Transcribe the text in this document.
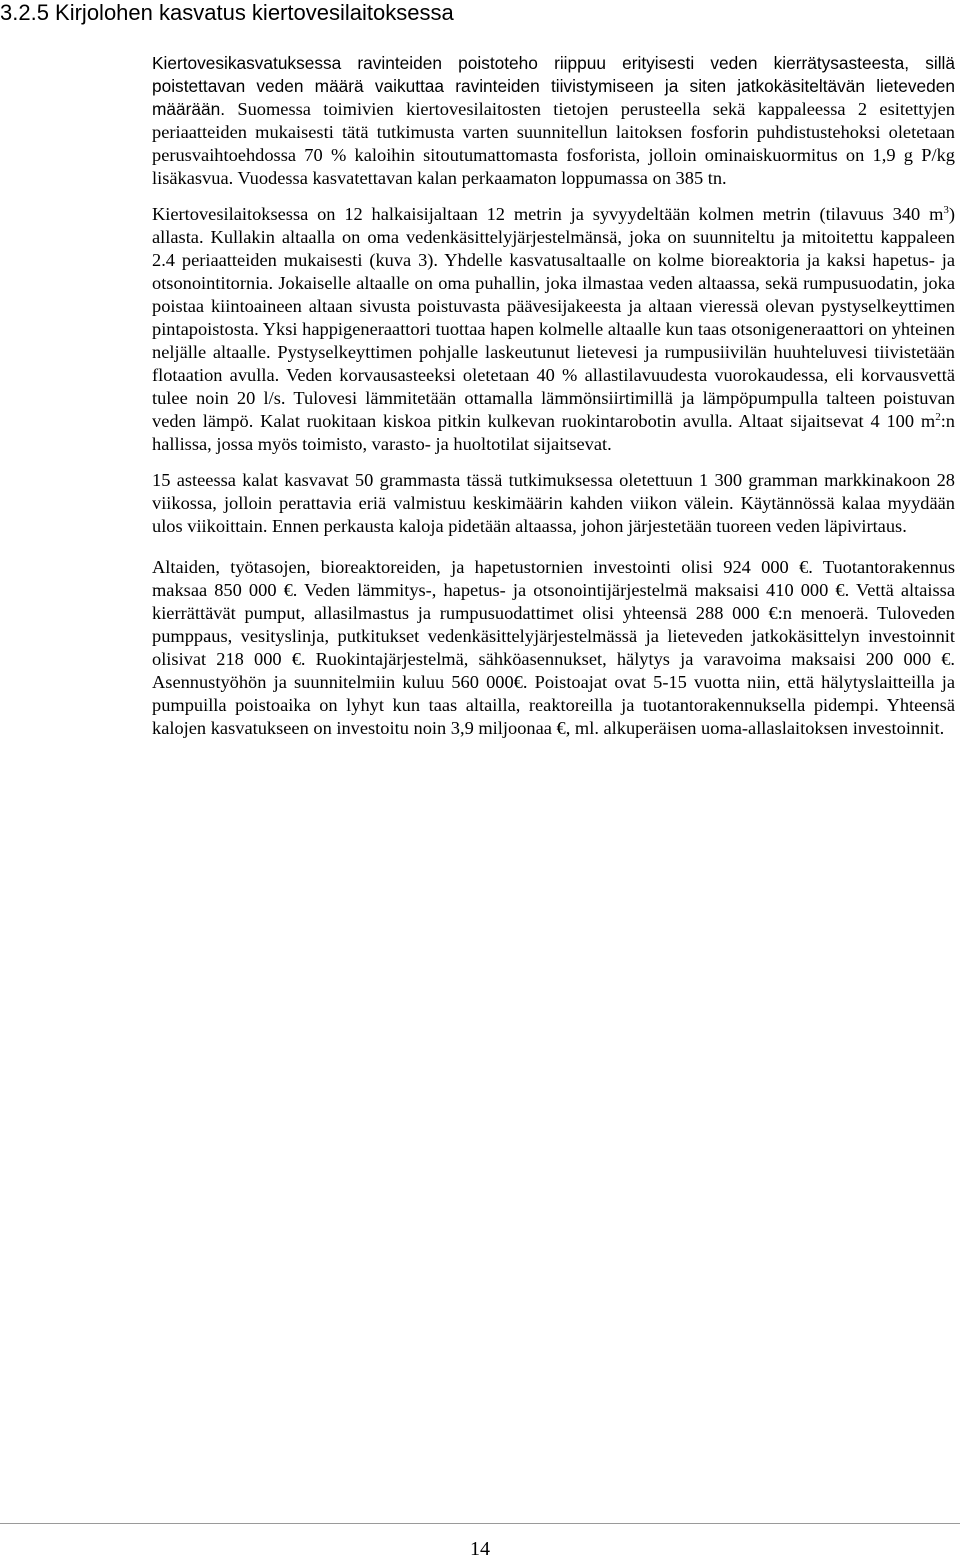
3.2.5 Kirjolohen kasvatus kiertovesilaitoksessa

Kiertovesikasvatuksessa ravinteiden poistoteho riippuu erityisesti veden kierrätysasteesta, sillä poistettavan veden määrä vaikuttaa ravinteiden tiivistymiseen ja siten jatkokäsiteltävän lieteveden määrään. Suomessa toimivien kiertovesilaitosten tietojen perusteella sekä kappaleessa 2 esitettyjen periaatteiden mukaisesti tätä tutkimusta varten suunnitellun laitoksen fosforin puhdistustehoksi oletetaan perusvaihtoehdossa 70 % kaloihin sitoutumattomasta fosforista, jolloin ominaiskuormitus on 1,9 g P/kg lisäkasvua. Vuodessa kasvatettavan kalan perkaamaton loppumassa on 385 tn.

Kiertovesilaitoksessa on 12 halkaisijaltaan 12 metrin ja syvyydeltään kolmen metrin (tilavuus 340 $m^3$) allasta. Kullakin altaalla on oma vedenkäsittelyjärjestelmänsä, joka on suunniteltu ja mitoitettu kappaleen 2.4 periaatteiden mukaisesti (kuva 3). Yhdelle kasvatusaltaalle on kolme bioreaktoria ja kaksi hapetus- ja otsonointitornia. Jokaiselle altaalle on oma puhallin, joka ilmastaa veden altaassa, sekä rumpusuodatin, joka poistaa kiintoaineen altaan sivusta poistuvasta päävesijakeesta ja altaan vieressä olevan pystyselkeyttimen pintapoistosta. Yksi happigeneraattori tuottaa hapen kolmelle altaalle kun taas otsonigeneraattori on yhteinen neljälle altaalle. Pystyselkeyttimen pohjalle laskeutunut lietevesi ja rumpusiivilän huuhteluvesi tiivistetään flotaation avulla. Veden korvausasteeksi oletetaan 40 % allastilavuudesta vuorokaudessa, eli korvausvettä tulee noin 20 l/s. Tulovesi lämmitetään ottamalla lämmönsiirtimillä ja lämpöpumpulla talteen poistuvan veden lämpö. Kalat ruokitaan kiskoa pitkin kulkevan ruokintarobotin avulla. Altaat sijaitsevat 4 100 $m^2:n$ hallissa, jossa myös toimisto, varasto- ja huoltotilat sijaitsevat.

15 asteessa kalat kasvavat 50 grammasta tässä tutkimuksessa oletettuun 1 300 gramman markkinakoon 28 viikossa, jolloin perattavia eriä valmistuu keskimäärin kahden viikon välein. Käytännössä kalaa myydään ulos viikoittain. Ennen perkausta kaloja pidetään altaassa, johon järjestetään tuoreen veden läpivirtaus.

Altaiden, työtasojen, bioreaktoreiden, ja hapetustornien investointi olisi 924 000 €. Tuotantorakennus maksaa 850 000 €. Veden lämmitys-, hapetus- ja otsonointijärjestelmä maksaisi 410 000 €. Vettä altaissa kierrättävät pumput, allasilmastus ja rumpusuodattimet olisi yhteensä 288 000 €:n menoerä. Tuloveden pumppaus, vesityslinja, putkitukset vedenkäsittelyjärjestelmässä ja lieteveden jatkokäsittelyn investoinnit olisivat 218 000 €. Ruokintajärjestelmä, sähköasennukset, hälytys ja varavoima maksaisi 200 000 €. Asennustyöhön ja suunnitelmiin kuluu 560 000€. Poistoajat ovat 5-15 vuotta niin, että hälytyslaitteilla ja pumpuilla poistoaika on lyhyt kun taas altailla, reaktoreilla ja tuotantorakennuksella pidempi. Yhteensä kalojen kasvatukseen on investoitu noin 3,9 miljoonaa €, ml. alkuperäisen uoma-allaslaitoksen investoinnit.

14
